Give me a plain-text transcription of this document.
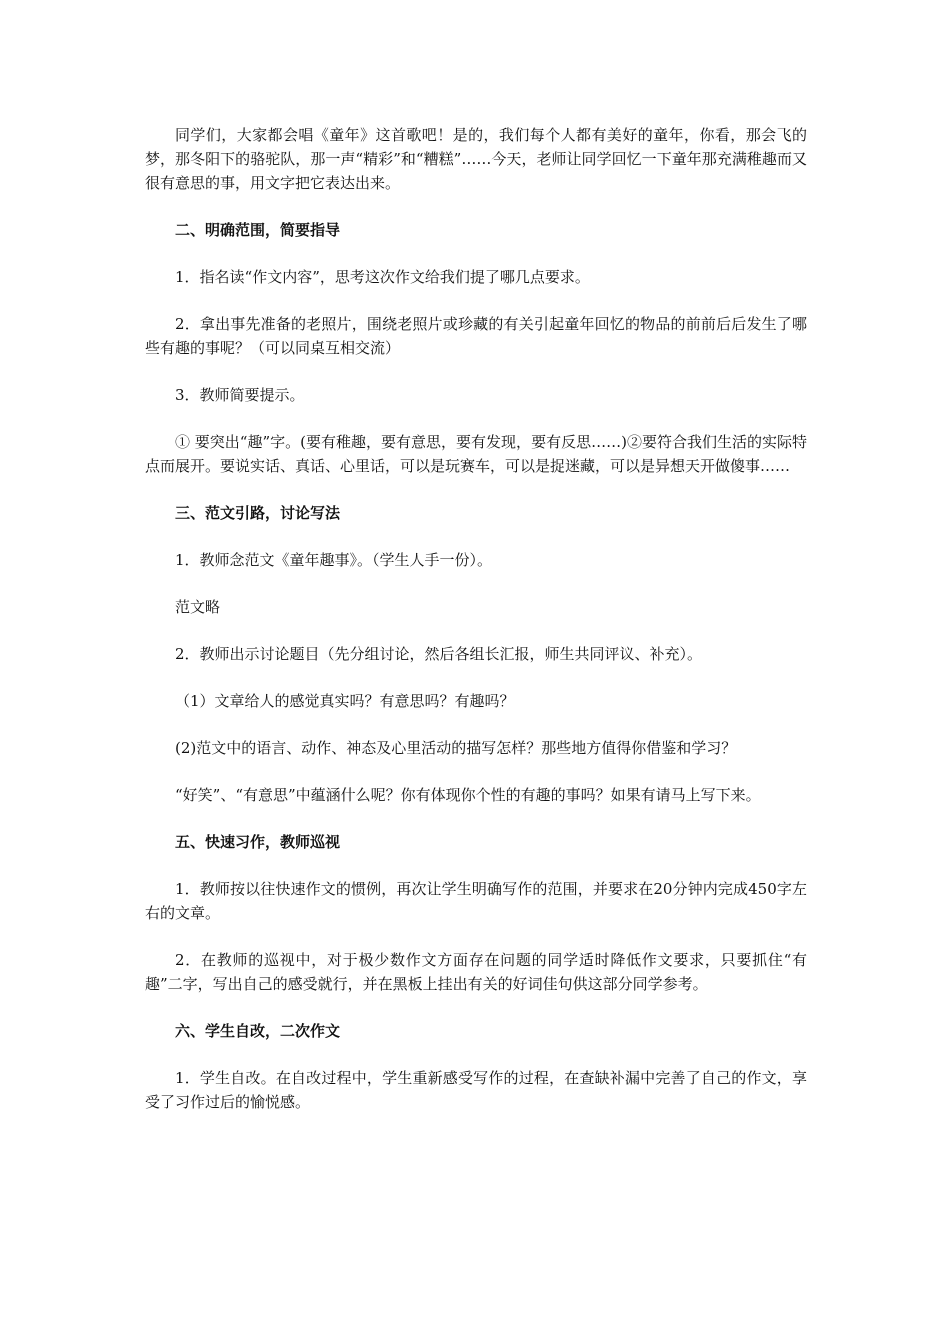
同学们，大家都会唱《童年》这首歌吧！是的，我们每个人都有美好的童年，你看，那会飞的梦，那冬阳下的骆驼队，那一声“精彩”和“糟糕”……今天，老师让同学回忆一下童年那充满稚趣而又很有意思的事，用文字把它表达出来。

二、明确范围，简要指导

1．指名读“作文内容”，思考这次作文给我们提了哪几点要求。

2．拿出事先准备的老照片，围绕老照片或珍藏的有关引起童年回忆的物品的前前后后发生了哪些有趣的事呢？（可以同桌互相交流）

3．教师简要提示。

① 要突出“趣”字。(要有稚趣，要有意思，要有发现，要有反思……)②要符合我们生活的实际特点而展开。要说实话、真话、心里话，可以是玩赛车，可以是捉迷藏，可以是异想天开做傻事……

三、范文引路，讨论写法

1．教师念范文《童年趣事》。（学生人手一份）。

范文略

2．教师出示讨论题目（先分组讨论，然后各组长汇报，师生共同评议、补充）。

（1）文章给人的感觉真实吗？有意思吗？有趣吗？

(2)范文中的语言、动作、神态及心里活动的描写怎样？那些地方值得你借鉴和学习？

“好笑”、“有意思”中蕴涵什么呢？你有体现你个性的有趣的事吗？如果有请马上写下来。

五、快速习作，教师巡视

1．教师按以往快速作文的惯例，再次让学生明确写作的范围，并要求在20分钟内完成450字左右的文章。

2．在教师的巡视中，对于极少数作文方面存在问题的同学适时降低作文要求，只要抓住“有趣”二字，写出自己的感受就行，并在黑板上挂出有关的好词佳句供这部分同学参考。

六、学生自改，二次作文

1．学生自改。在自改过程中，学生重新感受写作的过程，在查缺补漏中完善了自己的作文，享受了习作过后的愉悦感。
